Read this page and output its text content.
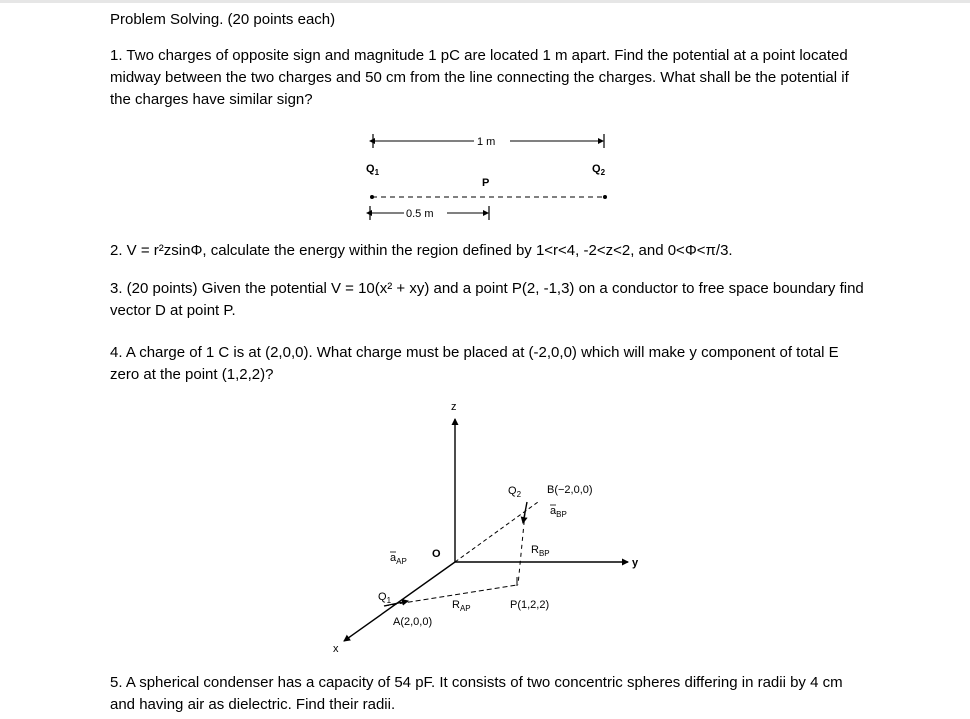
Problem Solving. (20 points each)

1. Two charges of opposite sign and magnitude 1 pC are located 1 m apart. Find the potential at a point located midway between the two charges and 50 cm from the line connecting the charges. What shall be the potential if the charges have similar sign?

2. V = r²zsinΦ, calculate the energy within the region defined by 1<r<4, -2<z<2, and 0<Φ<π/3.

3. (20 points) Given the potential V = 10(x² + xy) and a point P(2, -1,3) on a conductor to free space boundary find vector D at point P.

4. A charge of 1 C is at (2,0,0). What charge must be placed at (-2,0,0) which will make y component of total E zero at the point (1,2,2)?

5. A spherical condenser has a capacity of 54 pF. It consists of two concentric spheres differing in radii by 4 cm and having air as dielectric. Find their radii.

1 m
$Q_1$	$Q_2$
P
0.5 m
z
y
x
O
$Q_2$ B(−2,0,0)
$a_{BP}$
$R_{BP}$
$a_{AP}$
$Q_1$
A(2,0,0)
$R_{AP}$	P(1,2,2)
